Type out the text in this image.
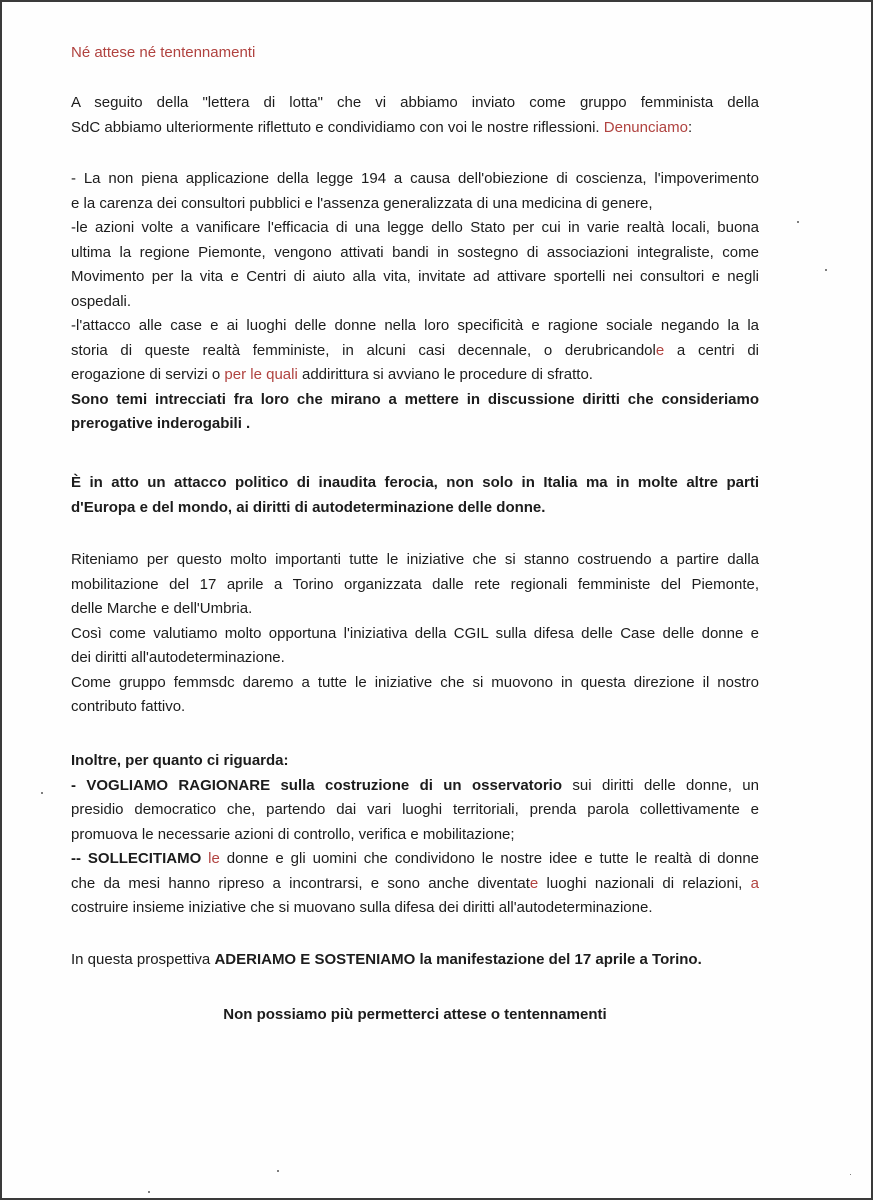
Né attese né tentennamenti

A seguito della "lettera di lotta" che vi abbiamo inviato come gruppo femminista della
SdC abbiamo ulteriormente riflettuto e condividiamo con voi le nostre riflessioni. Denunciamo:

- La non piena applicazione della legge 194 a causa dell'obiezione di coscienza, l'impoverimento
e la carenza dei consultori pubblici e l'assenza generalizzata di una medicina di genere,
-le azioni volte a vanificare l'efficacia di una legge dello Stato per cui in varie realtà locali, buona
ultima la regione Piemonte, vengono attivati bandi in sostegno di associazioni integraliste, come
Movimento per la vita e Centri di aiuto alla vita, invitate ad attivare sportelli nei consultori e negli
ospedali.
-l'attacco alle case e ai luoghi delle donne nella loro specificità e ragione sociale negando la la
storia di queste realtà femministe, in alcuni casi decennale, o derubricandole a centri di
erogazione di servizi o per le quali addirittura si avviano le procedure di sfratto.
Sono temi intrecciati fra loro che mirano a mettere in discussione diritti che consideriamo
prerogative inderogabili .

È in atto un attacco politico di inaudita ferocia, non solo in Italia ma in molte altre parti
d'Europa e del mondo, ai diritti di autodeterminazione delle donne.

Riteniamo per questo molto importanti tutte le iniziative che si stanno costruendo a partire dalla
mobilitazione del 17 aprile a Torino organizzata dalle rete regionali femministe del Piemonte,
delle Marche e dell'Umbria.
Così come valutiamo molto opportuna l'iniziativa della CGIL sulla difesa delle Case delle donne e
dei diritti all'autodeterminazione.
Come gruppo femmsdc daremo a tutte le iniziative che si muovono in questa direzione il nostro
contributo fattivo.

Inoltre, per quanto ci riguarda:
- VOGLIAMO RAGIONARE sulla costruzione di un osservatorio sui diritti delle donne, un
presidio democratico che, partendo dai vari luoghi territoriali, prenda parola collettivamente e
promuova le necessarie azioni di controllo, verifica e mobilitazione;
-- SOLLECITIAMO le donne e gli uomini che condividono le nostre idee e tutte le realtà di donne
che da mesi hanno ripreso a incontrarsi, e sono anche diventate luoghi nazionali di relazioni, a
costruire insieme iniziative che si muovano sulla difesa dei diritti all'autodeterminazione.

In questa prospettiva ADERIAMO E SOSTENIAMO la manifestazione del 17 aprile a Torino.

Non possiamo più permetterci attese o tentennamenti
